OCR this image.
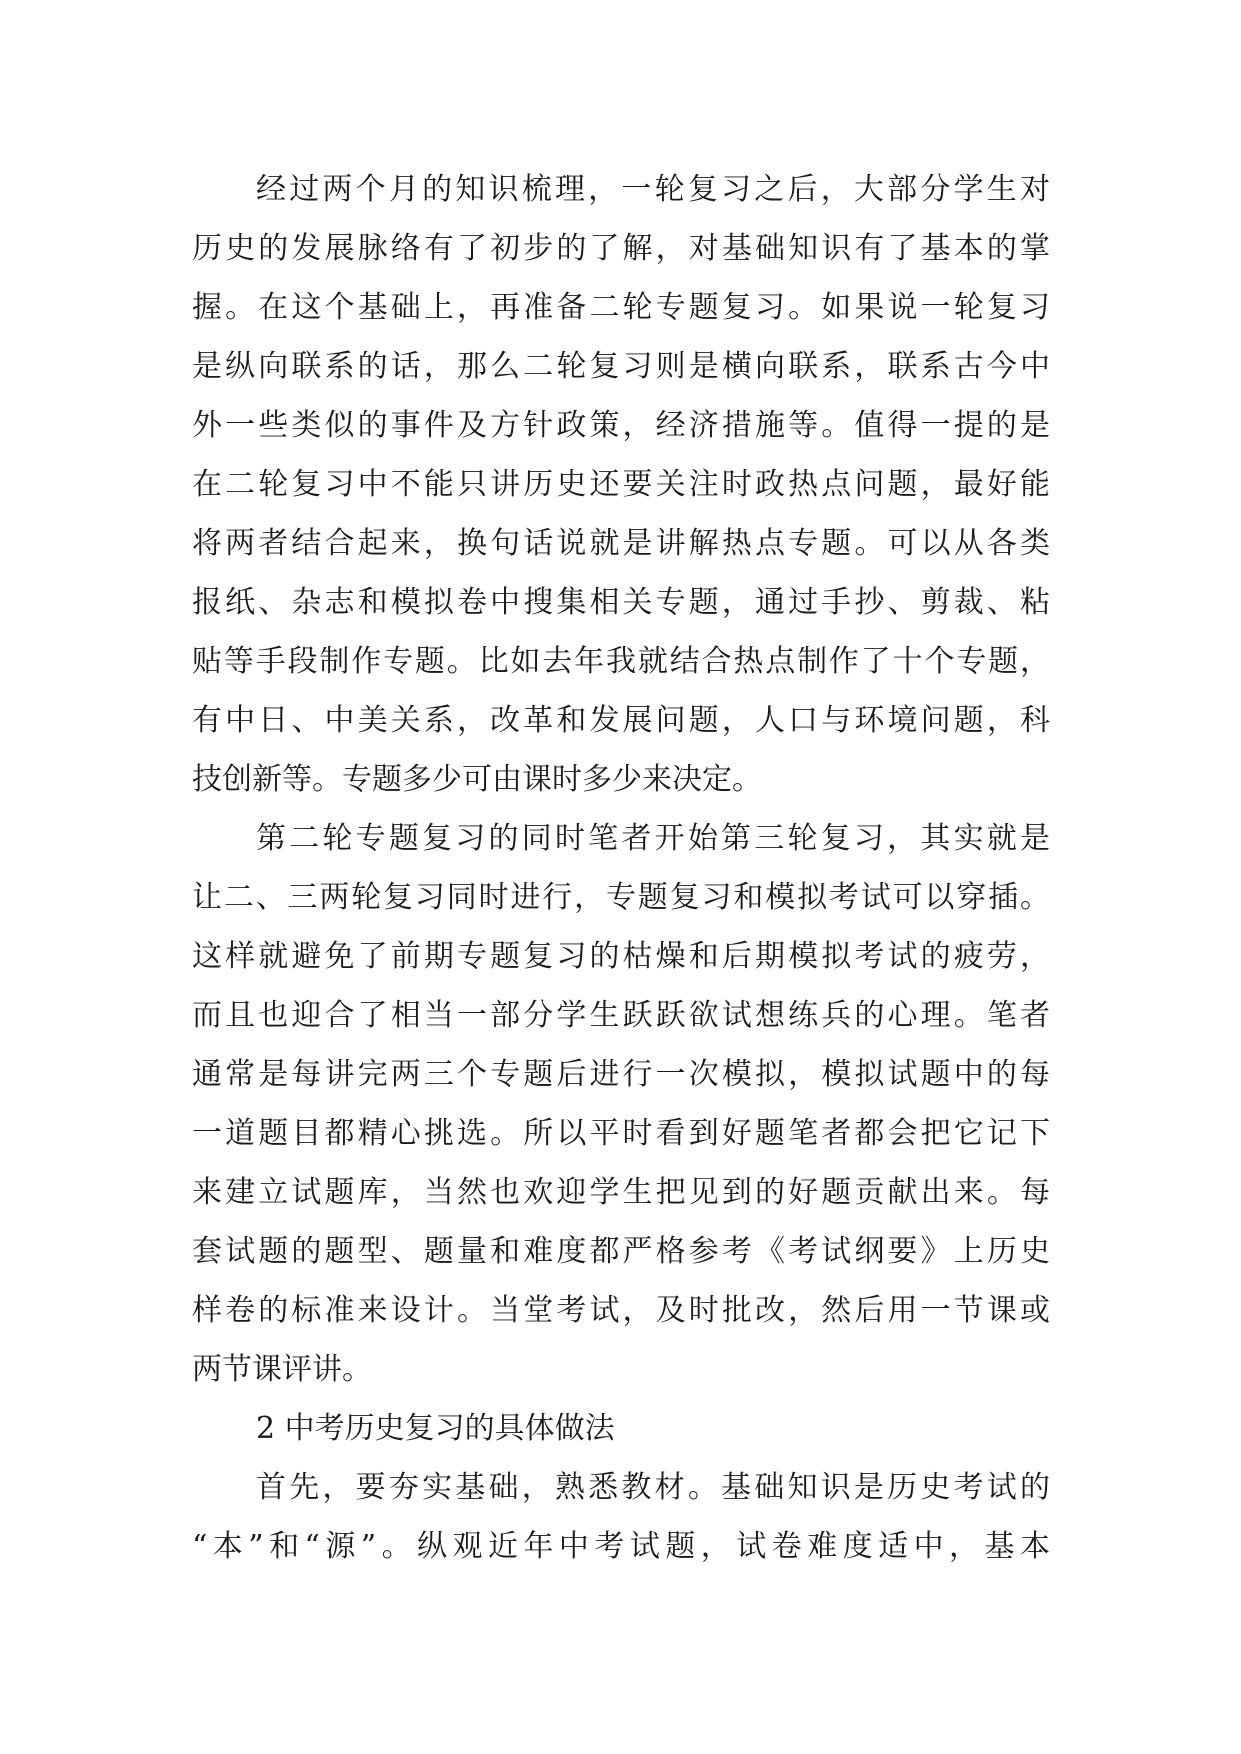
经过两个月的知识梳理，一轮复习之后，大部分学生对

历史的发展脉络有了初步的了解，对基础知识有了基本的掌

握。在这个基础上，再准备二轮专题复习。如果说一轮复习

是纵向联系的话，那么二轮复习则是横向联系，联系古今中

外一些类似的事件及方针政策，经济措施等。值得一提的是

在二轮复习中不能只讲历史还要关注时政热点问题，最好能

将两者结合起来，换句话说就是讲解热点专题。可以从各类

报纸、杂志和模拟卷中搜集相关专题，通过手抄、剪裁、粘

贴等手段制作专题。比如去年我就结合热点制作了十个专题，

有中日、中美关系，改革和发展问题，人口与环境问题，科

技创新等。专题多少可由课时多少来决定。

第二轮专题复习的同时笔者开始第三轮复习，其实就是

让二、三两轮复习同时进行，专题复习和模拟考试可以穿插。

这样就避免了前期专题复习的枯燥和后期模拟考试的疲劳，

而且也迎合了相当一部分学生跃跃欲试想练兵的心理。笔者

通常是每讲完两三个专题后进行一次模拟，模拟试题中的每

一道题目都精心挑选。所以平时看到好题笔者都会把它记下

来建立试题库，当然也欢迎学生把见到的好题贡献出来。每

套试题的题型、题量和难度都严格参考《考试纲要》上历史

样卷的标准来设计。当堂考试，及时批改，然后用一节课或

两节课评讲。

2 中考历史复习的具体做法

首先，要夯实基础，熟悉教材。基础知识是历史考试的

“本”和“源”。纵观近年中考试题，试卷难度适中，基本
